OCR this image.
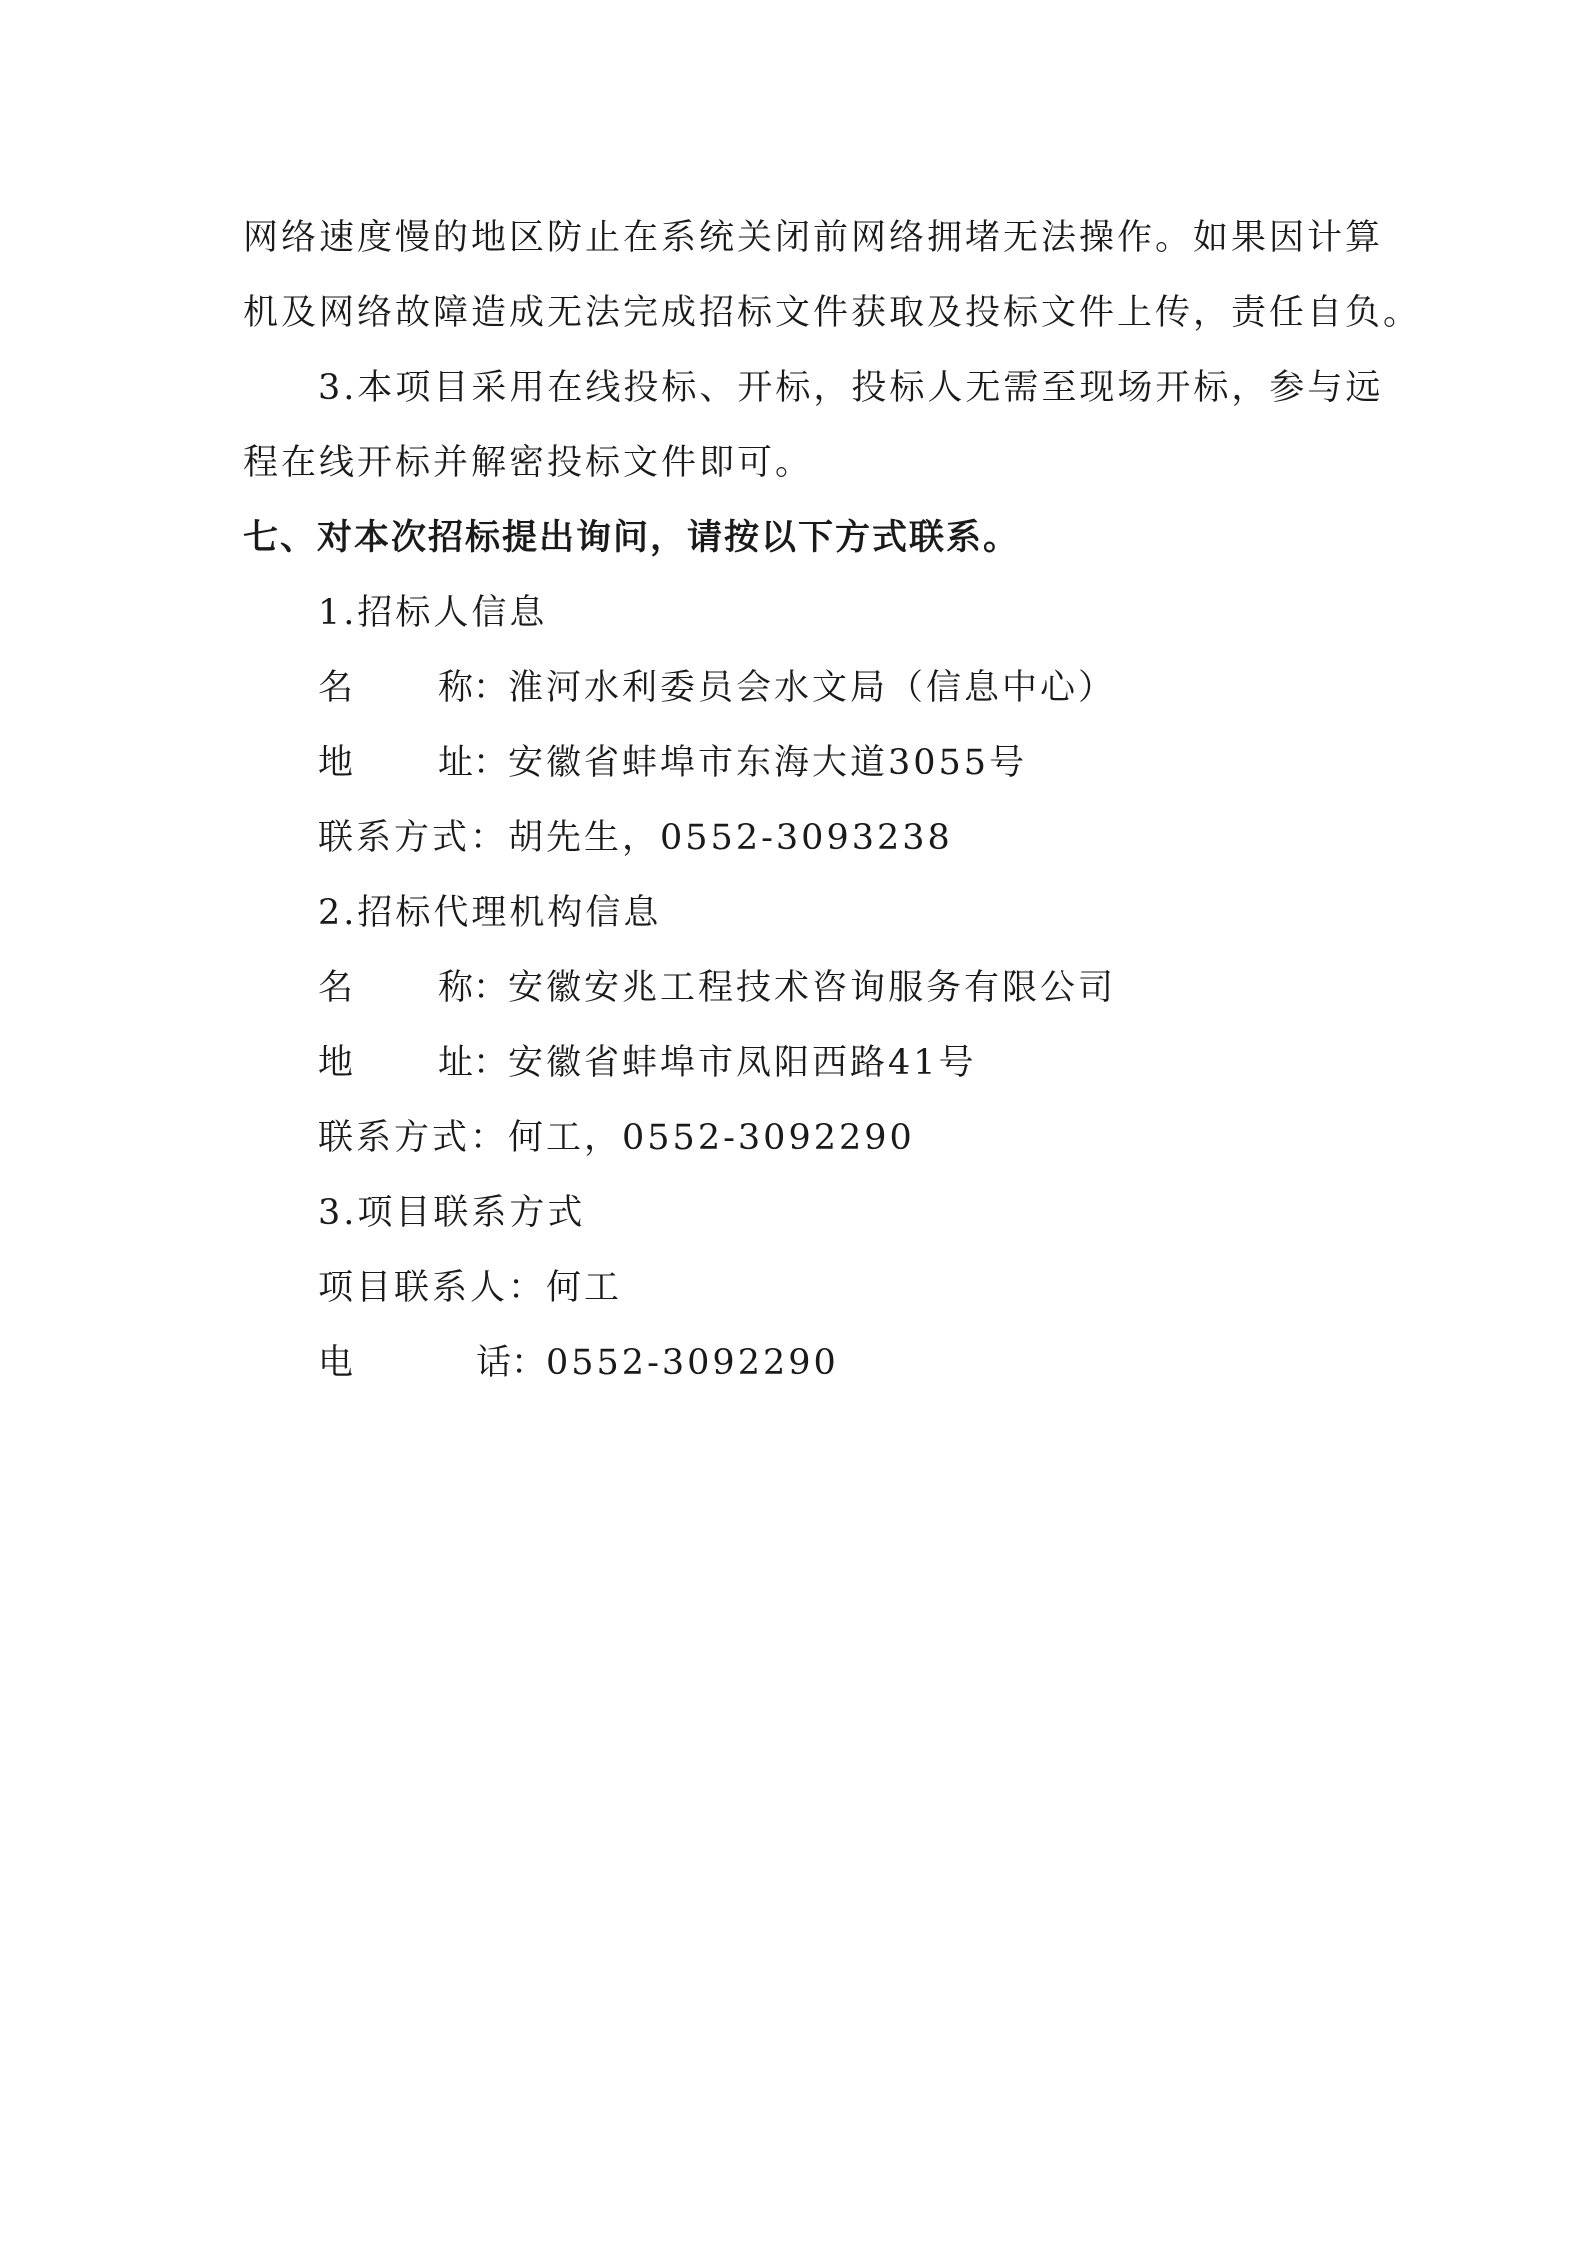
网络速度慢的地区防止在系统关闭前网络拥堵无法操作。如果因计算
机及网络故障造成无法完成招标文件获取及投标文件上传，责任自负。
3.本项目采用在线投标、开标，投标人无需至现场开标，参与远
程在线开标并解密投标文件即可。
七、对本次招标提出询问，请按以下方式联系。
1.招标人信息
名 称： 淮河水利委员会水文局（信息中心）
地 址： 安徽省蚌埠市东海大道3055号
联系方式：胡先生，0552-3093238
2.招标代理机构信息
名 称： 安徽安兆工程技术咨询服务有限公司
地 址： 安徽省蚌埠市凤阳西路41号
联系方式：何工，0552-3092290
3.项目联系方式
项目联系人：何工
电	话： 0552-3092290
